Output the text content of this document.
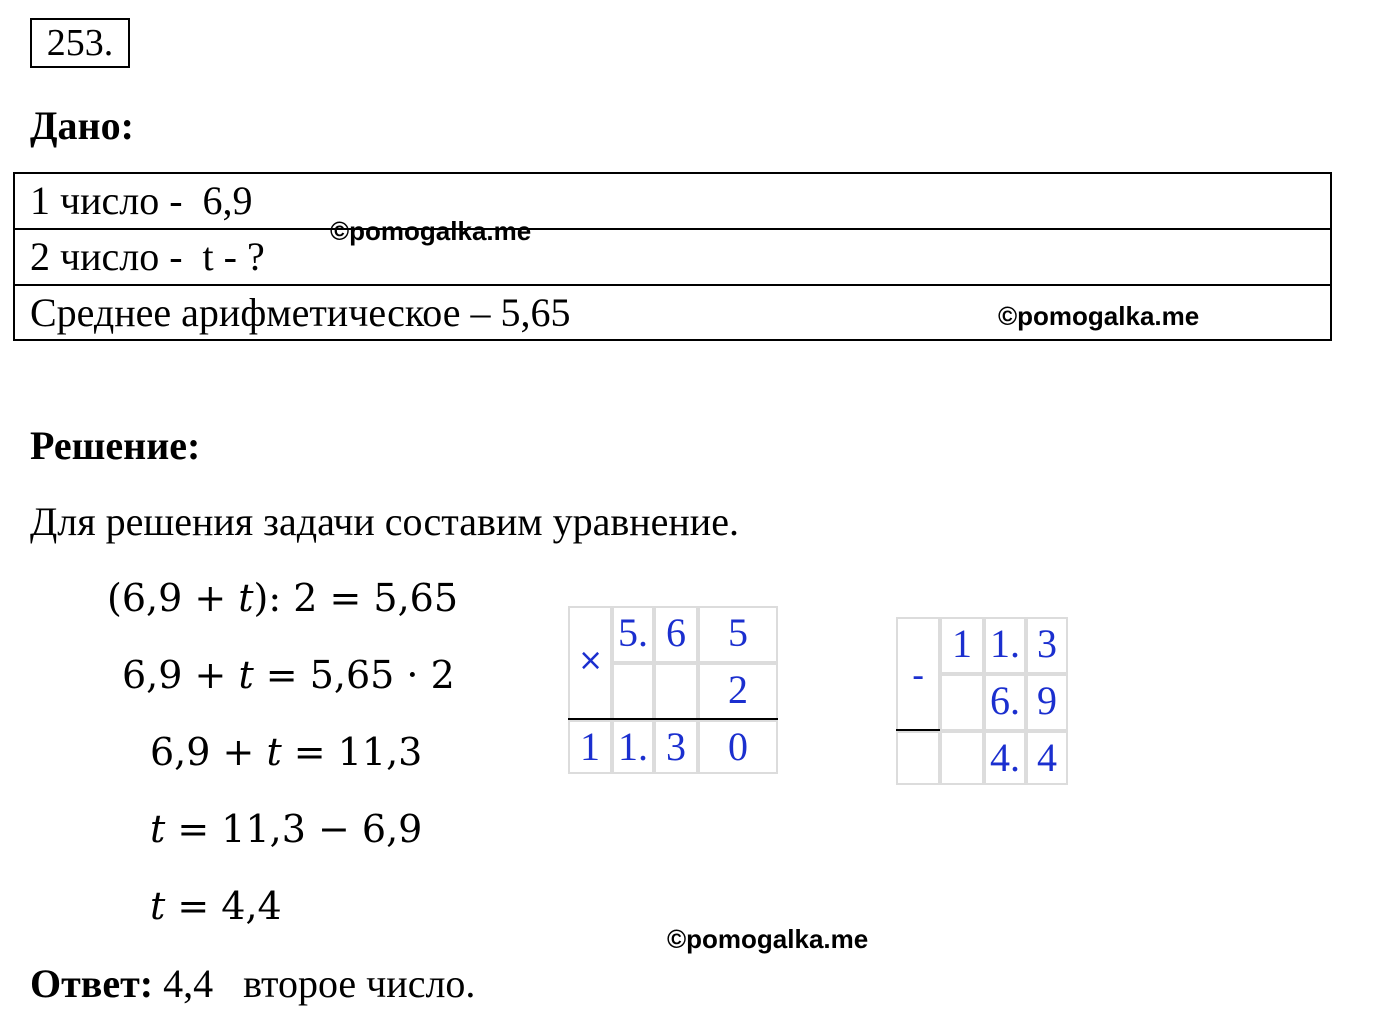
253.
Дано:
1 число -  6,9
2 число -  t - ?
Среднее арифметическое – 5,65
©pomogalka.me
©pomogalka.me
Решение:
Для решения задачи составим уравнение.
(6,9 + t): 2 = 5,65
6,9 + t = 5,65 · 2
6,9 + t = 11,3
t = 11,3 − 6,9
t = 4,4
×
5. 6	5
2
1 1. 3	0
-
1 1. 3
6. 9
4. 4
©pomogalka.me
Ответ: 4,4 второе число.
